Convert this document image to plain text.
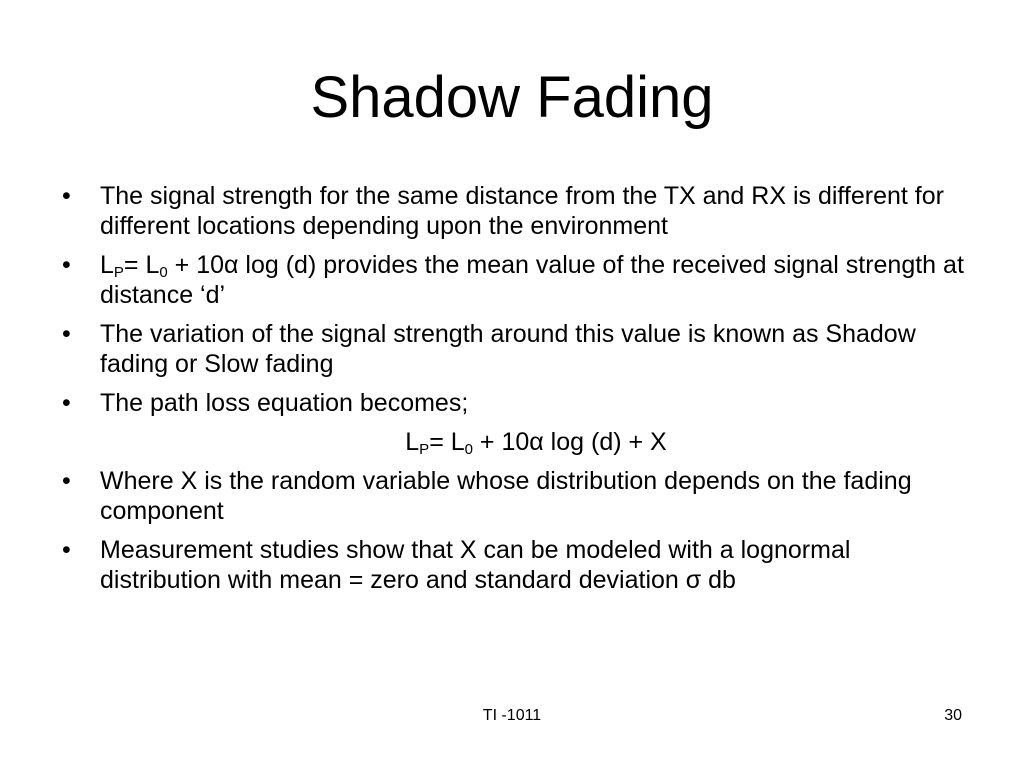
Shadow Fading
• The signal strength for the same distance from the TX and RX is different for different locations depending upon the environment
• $L_P= L_0 + 10\alpha$ log (d) provides the mean value of the received signal strength at distance ‘d’
• The variation of the signal strength around this value is known as Shadow fading or Slow fading
• The path loss equation becomes;
$L_P= L_0 + 10\alpha$ log (d) + X
• Where X is the random variable whose distribution depends on the fading component
• Measurement studies show that X can be modeled with a lognormal distribution with mean = zero and standard deviation σ db
TI -1011	30
